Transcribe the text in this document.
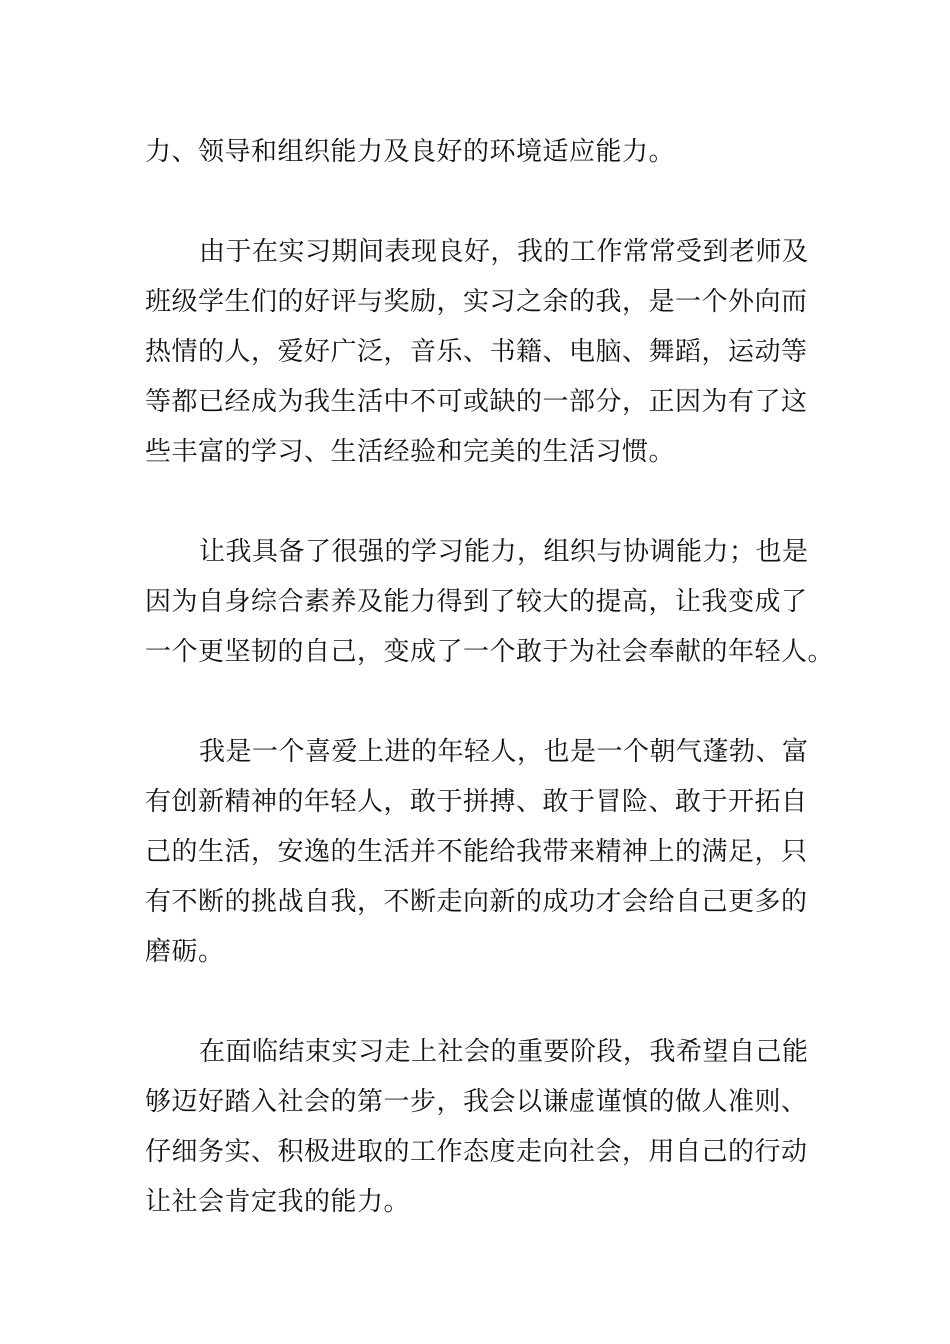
力、领导和组织能力及良好的环境适应能力。

由于在实习期间表现良好，我的工作常常受到老师及
班级学生们的好评与奖励，实习之余的我，是一个外向而
热情的人，爱好广泛，音乐、书籍、电脑、舞蹈，运动等
等都已经成为我生活中不可或缺的一部分，正因为有了这
些丰富的学习、生活经验和完美的生活习惯。

让我具备了很强的学习能力，组织与协调能力；也是
因为自身综合素养及能力得到了较大的提高，让我变成了
一个更坚韧的自己，变成了一个敢于为社会奉献的年轻人。

我是一个喜爱上进的年轻人，也是一个朝气蓬勃、富
有创新精神的年轻人，敢于拼搏、敢于冒险、敢于开拓自
己的生活，安逸的生活并不能给我带来精神上的满足，只
有不断的挑战自我，不断走向新的成功才会给自己更多的
磨砺。

在面临结束实习走上社会的重要阶段，我希望自己能
够迈好踏入社会的第一步，我会以谦虚谨慎的做人准则、
仔细务实、积极进取的工作态度走向社会，用自己的行动
让社会肯定我的能力。
